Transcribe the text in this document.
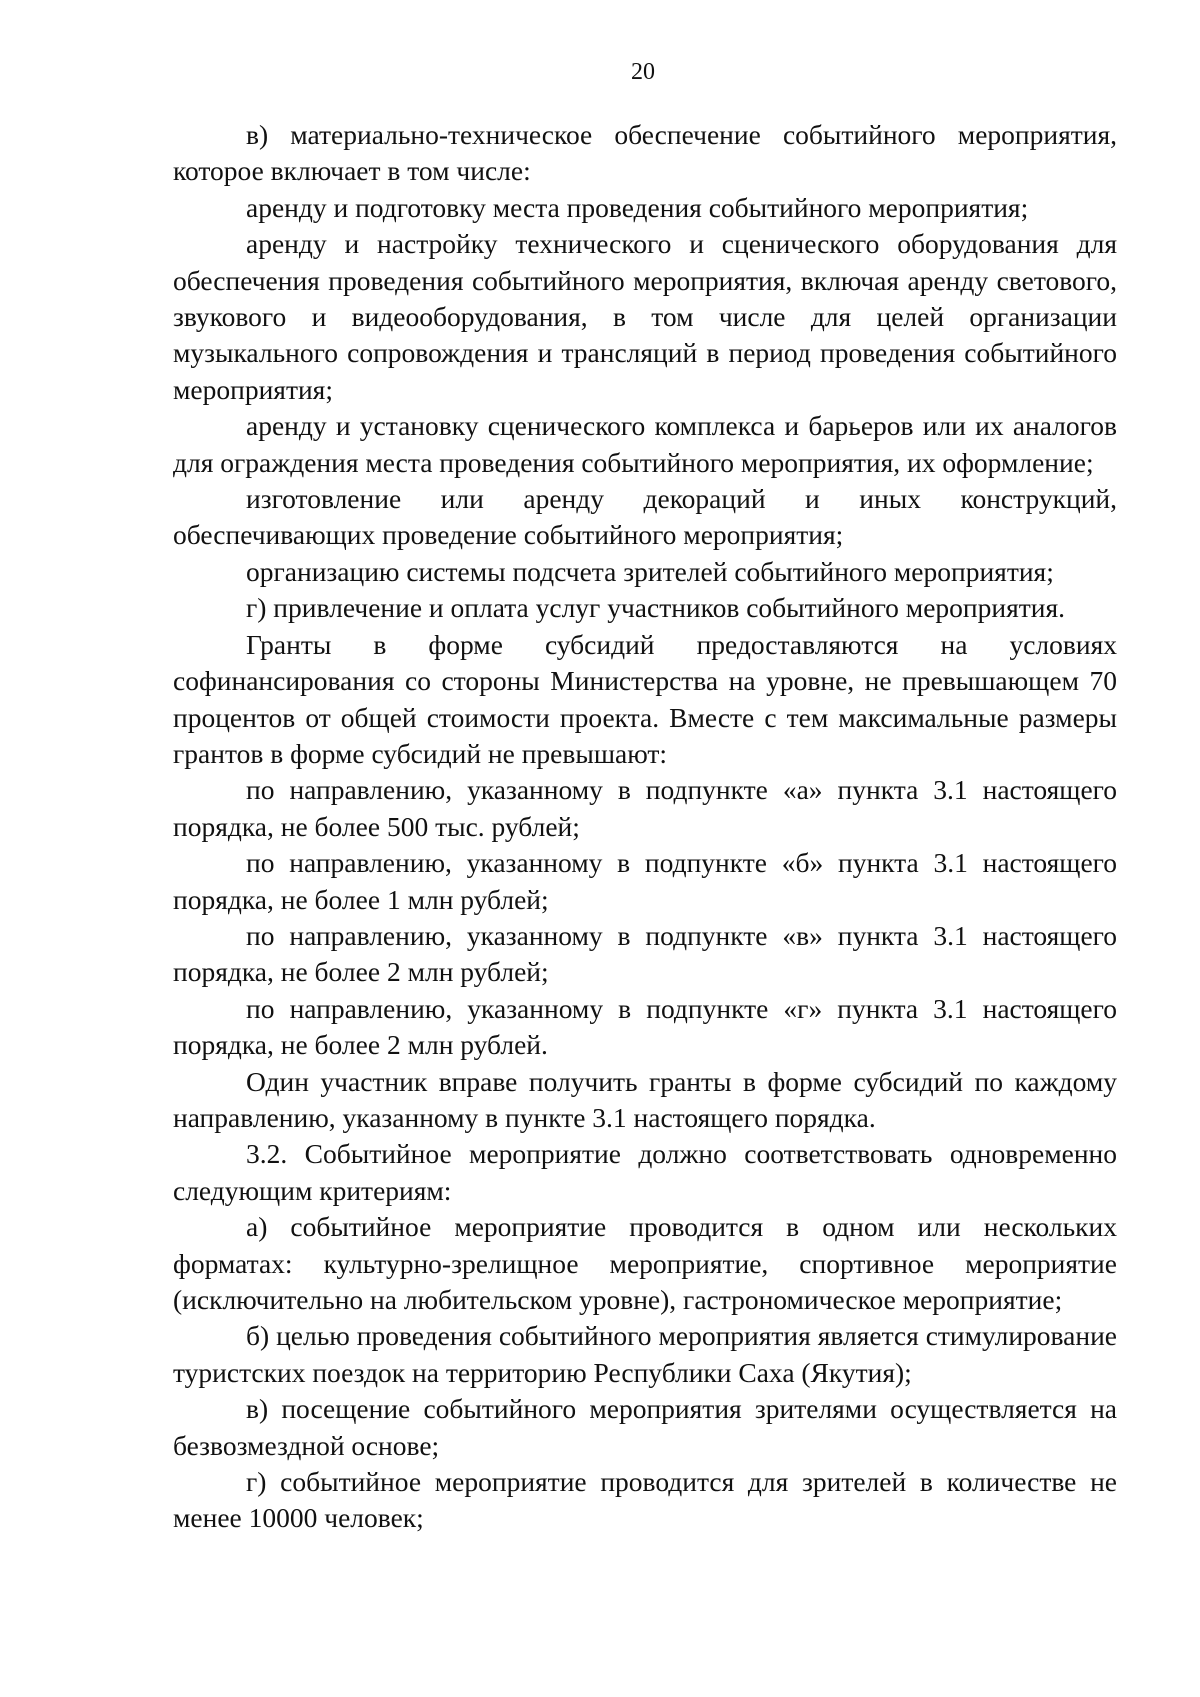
20

в) материально-техническое обеспечение событийного мероприятия, которое включает в том числе:

аренду и подготовку места проведения событийного мероприятия;

аренду и настройку технического и сценического оборудования для обеспечения проведения событийного мероприятия, включая аренду светового, звукового и видеооборудования, в том числе для целей организации музыкального сопровождения и трансляций в период проведения событийного мероприятия;

аренду и установку сценического комплекса и барьеров или их аналогов для ограждения места проведения событийного мероприятия, их оформление;

изготовление или аренду декораций и иных конструкций, обеспечивающих проведение событийного мероприятия;

организацию системы подсчета зрителей событийного мероприятия;

г) привлечение и оплата услуг участников событийного мероприятия.

Гранты в форме субсидий предоставляются на условиях софинансирования со стороны Министерства на уровне, не превышающем 70 процентов от общей стоимости проекта. Вместе с тем максимальные размеры грантов в форме субсидий не превышают:

по направлению, указанному в подпункте «а» пункта 3.1 настоящего порядка, не более 500 тыс. рублей;

по направлению, указанному в подпункте «б» пункта 3.1 настоящего порядка, не более 1 млн рублей;

по направлению, указанному в подпункте «в» пункта 3.1 настоящего порядка, не более 2 млн рублей;

по направлению, указанному в подпункте «г» пункта 3.1 настоящего порядка, не более 2 млн рублей.

Один участник вправе получить гранты в форме субсидий по каждому направлению, указанному в пункте 3.1 настоящего порядка.

3.2. Событийное мероприятие должно соответствовать одновременно следующим критериям:

а) событийное мероприятие проводится в одном или нескольких форматах: культурно-зрелищное мероприятие, спортивное мероприятие (исключительно на любительском уровне), гастрономическое мероприятие;

б) целью проведения событийного мероприятия является стимулирование туристских поездок на территорию Республики Саха (Якутия);

в) посещение событийного мероприятия зрителями осуществляется на безвозмездной основе;

г) событийное мероприятие проводится для зрителей в количестве не менее 10000 человек;
